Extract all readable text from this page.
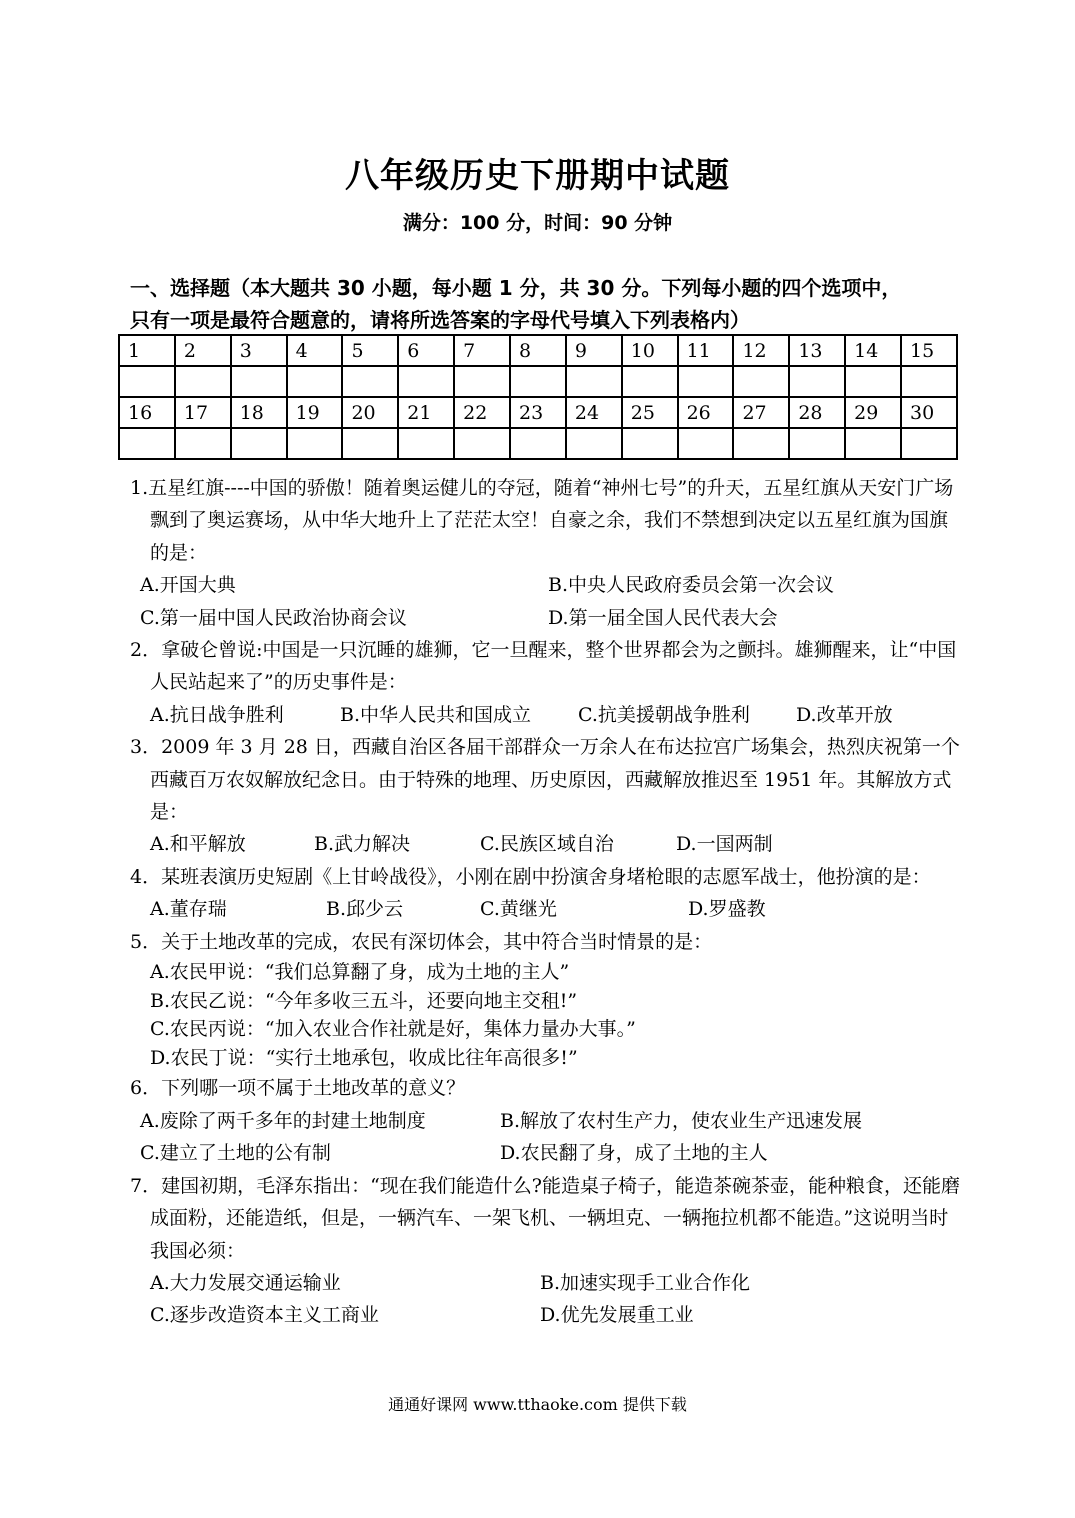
八年级历史下册期中试题
满分：100 分，时间：90 分钟
一、选择题（本大题共 30 小题，每小题 1 分，共 30 分。下列每小题的四个选项中，
只有一项是最符合题意的，请将所选答案的字母代号填入下列表格内）
1	2	3	4	5	6	7	8	9	10	11	12	13	14	15

16	17	18	19	20	21	22	23	24	25	26	27	28	29	30

1.五星红旗----中国的骄傲！随着奥运健儿的夺冠，随着“神州七号”的升天，五星红旗从天安门广场飘到了奥运赛场，从中华大地升上了茫茫太空！自豪之余，我们不禁想到决定以五星红旗为国旗的是：
A.开国大典	B.中央人民政府委员会第一次会议
C.第一届中国人民政治协商会议	D.第一届全国人民代表大会
2．拿破仑曾说:中国是一只沉睡的雄狮，它一旦醒来，整个世界都会为之颤抖。雄狮醒来，让“中国人民站起来了”的历史事件是：
A.抗日战争胜利	B.中华人民共和国成立	C.抗美援朝战争胜利	D.改革开放
3．2009 年 3 月 28 日，西藏自治区各届干部群众一万余人在布达拉宫广场集会，热烈庆祝第一个西藏百万农奴解放纪念日。由于特殊的地理、历史原因，西藏解放推迟至 1951 年。其解放方式是：
A.和平解放	B.武力解决	C.民族区域自治	D.一国两制
4．某班表演历史短剧《上甘岭战役》，小刚在剧中扮演舍身堵枪眼的志愿军战士，他扮演的是：
A.董存瑞	B.邱少云	C.黄继光	D.罗盛教
5．关于土地改革的完成，农民有深切体会，其中符合当时情景的是：
A.农民甲说：“我们总算翻了身，成为土地的主人”
B.农民乙说：“今年多收三五斗，还要向地主交租!”
C.农民丙说：“加入农业合作社就是好，集体力量办大事。”
D.农民丁说：“实行土地承包，收成比往年高很多!”
6．下列哪一项不属于土地改革的意义？
A.废除了两千多年的封建土地制度	B.解放了农村生产力，使农业生产迅速发展
C.建立了土地的公有制	D.农民翻了身，成了土地的主人
7．建国初期，毛泽东指出：“现在我们能造什么?能造桌子椅子，能造茶碗茶壶，能种粮食，还能磨成面粉，还能造纸，但是，一辆汽车、一架飞机、一辆坦克、一辆拖拉机都不能造。”这说明当时我国必须：
A.大力发展交通运输业	B.加速实现手工业合作化
C.逐步改造资本主义工商业	D.优先发展重工业
通通好课网 www.tthaoke.com 提供下载
